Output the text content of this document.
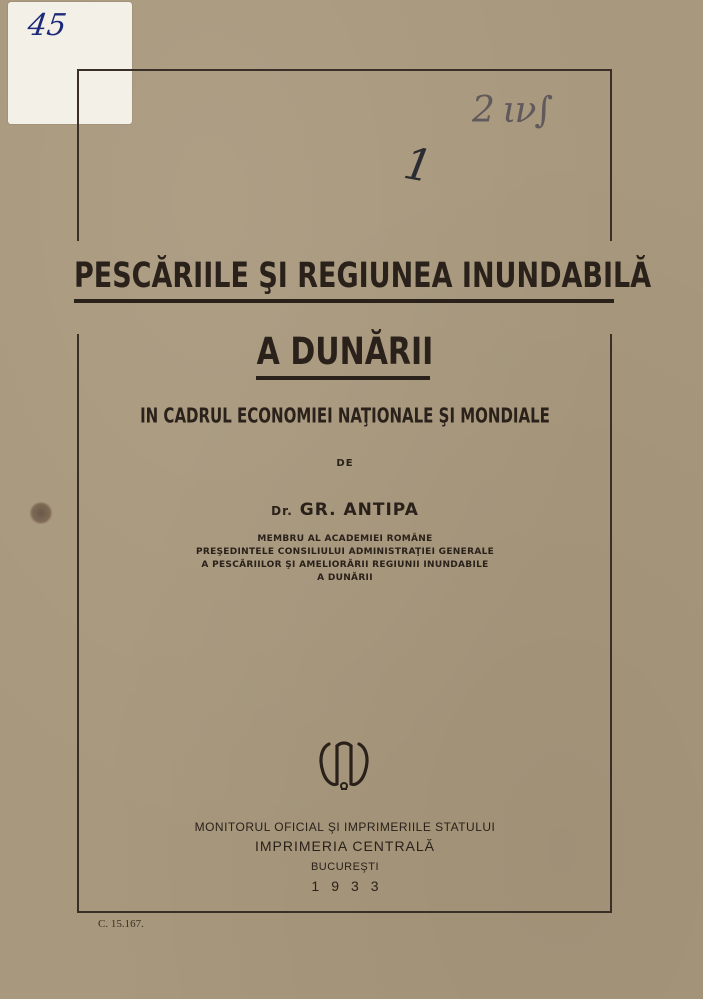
45
2 ιν∫
1
PESCĂRIILE ŞI REGIUNEA INUNDABILĂ
A DUNĂRII
IN CADRUL ECONOMIEI NAŢIONALE ŞI MONDIALE
DE
Dr. GR. ANTIPA
MEMBRU AL ACADEMIEI ROMÂNE
PREŞEDINTELE CONSILIULUI ADMINISTRAŢIEI GENERALE
A PESCĂRIILOR ŞI AMELIORĂRII REGIUNII INUNDABILE
A DUNĂRII
MONITORUL OFICIAL ŞI IMPRIMERIILE STATULUI
IMPRIMERIA CENTRALĂ
BUCUREŞTI
1933
C. 15.167.
